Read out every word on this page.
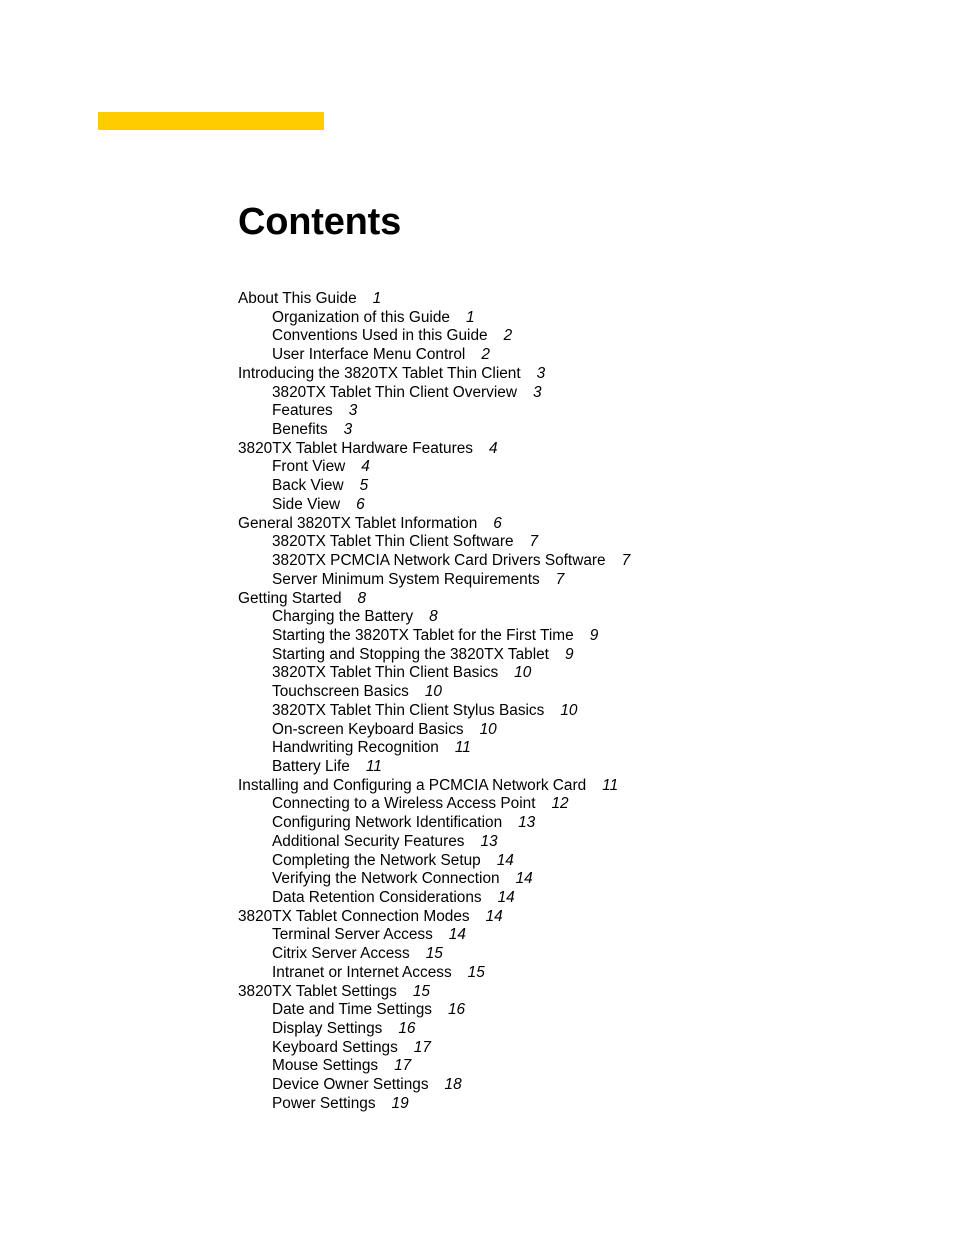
Contents
About This Guide 1
Organization of this Guide 1
Conventions Used in this Guide 2
User Interface Menu Control 2
Introducing the 3820TX Tablet Thin Client 3
3820TX Tablet Thin Client Overview 3
Features 3
Benefits 3
3820TX Tablet Hardware Features 4
Front View 4
Back View 5
Side View 6
General 3820TX Tablet Information 6
3820TX Tablet Thin Client Software 7
3820TX PCMCIA Network Card Drivers Software 7
Server Minimum System Requirements 7
Getting Started 8
Charging the Battery 8
Starting the 3820TX Tablet for the First Time 9
Starting and Stopping the 3820TX Tablet 9
3820TX Tablet Thin Client Basics 10
Touchscreen Basics 10
3820TX Tablet Thin Client Stylus Basics 10
On-screen Keyboard Basics 10
Handwriting Recognition 11
Battery Life 11
Installing and Configuring a PCMCIA Network Card 11
Connecting to a Wireless Access Point 12
Configuring Network Identification 13
Additional Security Features 13
Completing the Network Setup 14
Verifying the Network Connection 14
Data Retention Considerations 14
3820TX Tablet Connection Modes 14
Terminal Server Access 14
Citrix Server Access 15
Intranet or Internet Access 15
3820TX Tablet Settings 15
Date and Time Settings 16
Display Settings 16
Keyboard Settings 17
Mouse Settings 17
Device Owner Settings 18
Power Settings 19
